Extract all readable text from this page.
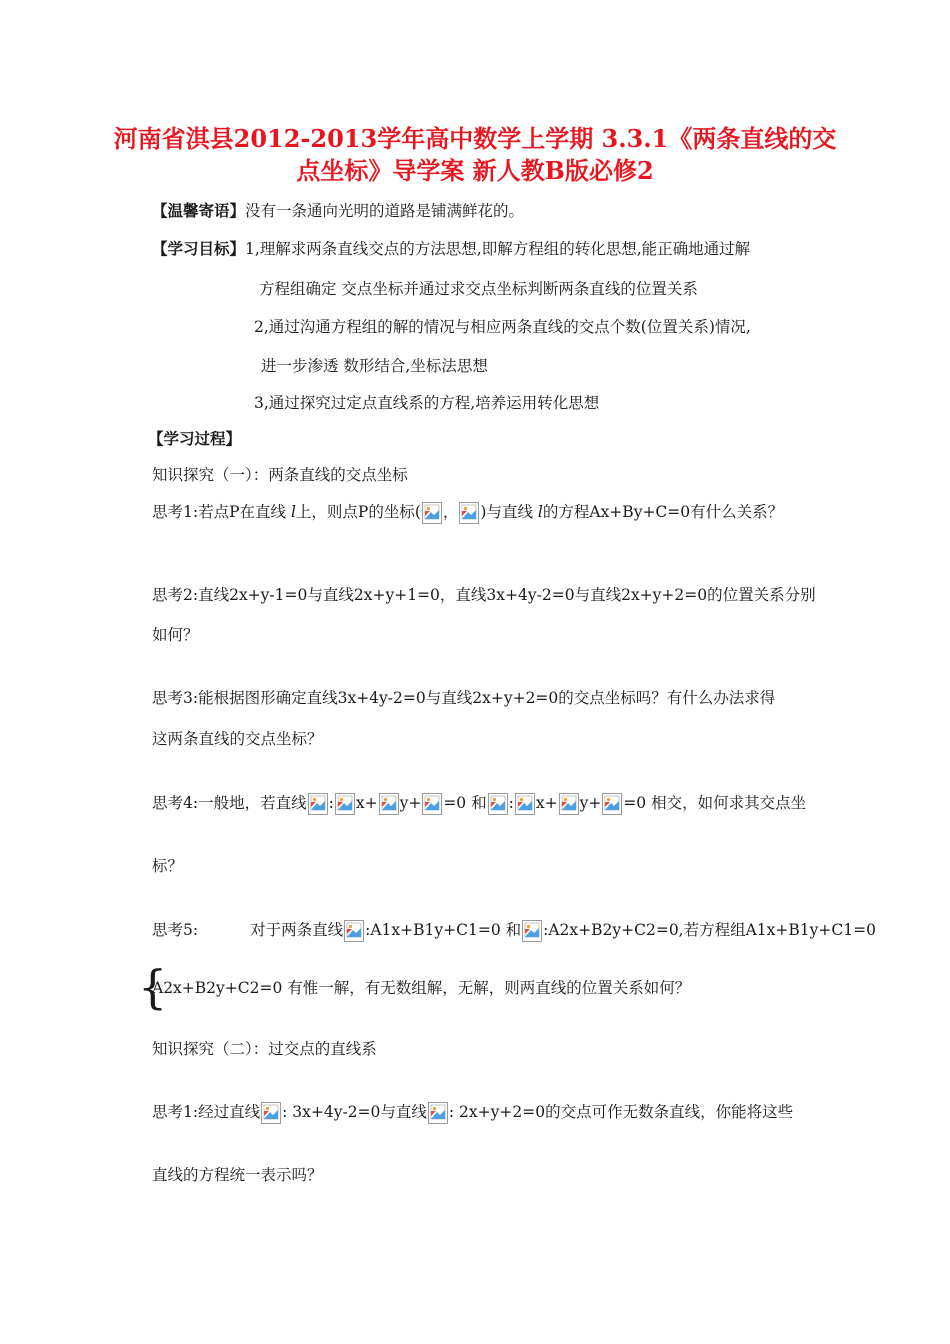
河南省淇县2012-2013学年高中数学上学期 3.3.1《两条直线的交
点坐标》导学案 新人教B版必修2
【温馨寄语】没有一条通向光明的道路是铺满鲜花的。
【学习目标】1,理解求两条直线交点的方法思想,即解方程组的转化思想,能正确地通过解
方程组确定 交点坐标并通过求交点坐标判断两条直线的位置关系
2,通过沟通方程组的解的情况与相应两条直线的交点个数(位置关系)情况,
进一步渗透 数形结合,坐标法思想
3,通过探究过定点直线系的方程,培养运用转化思想
【学习过程】
知识探究（一）：两条直线的交点坐标
思考1:若点P在直线 l上，则点P的坐标( ， )与直线 l的方程Ax+By+C=0有什么关系？
思考2:直线2x+y-1=0与直线2x+y+1=0，直线3x+4y-2=0与直线2x+y+2=0的位置关系分别
如何？
思考3:能根据图形确定直线3x+4y-2=0与直线2x+y+2=0的交点坐标吗？有什么办法求得
这两条直线的交点坐标？
思考4:一般地，若直线 : x+ y+ =0 和 : x+ y+ =0 相交，如何求其交点坐
标？
思考5:	对于两条直线 :A1x+B1y+C1=0 和 :A2x+B2y+C2=0,若方程组A1x+B1y+C1=0
{
A2x+B2y+C2=0 有惟一解，有无数组解，无解，则两直线的位置关系如何？
知识探究（二）：过交点的直线系
思考1:经过直线 : 3x+4y-2=0与直线 : 2x+y+2=0的交点可作无数条直线，你能将这些
直线的方程统一表示吗？
